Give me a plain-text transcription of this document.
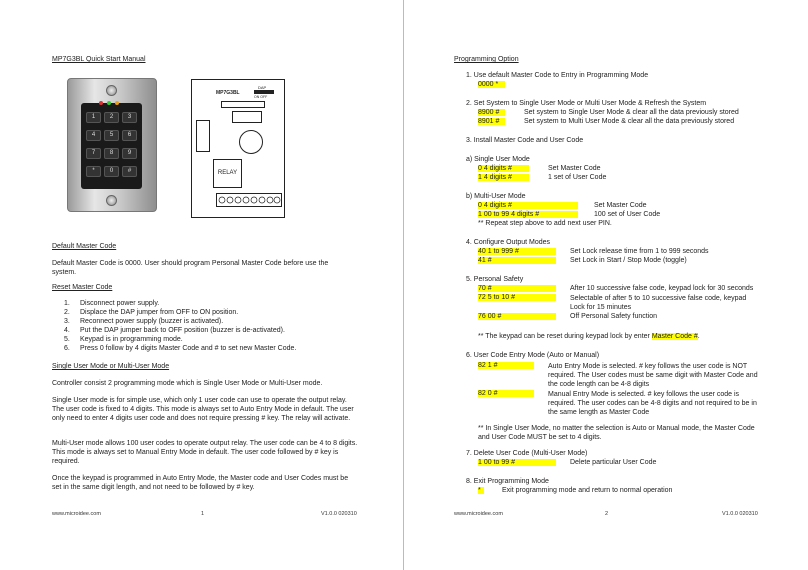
MP7G3BL Quick Start Manual
1	2	3
4	5	6
7	8	9
*	0	#
MP7G3BL
DAP
ON OFF
RELAY
Default Master Code

Default Master Code is 0000. User should program Personal Master Code before use the system.

Reset Master Code
1. Disconnect power supply.
2. Displace the DAP jumper from OFF to ON position.
3. Reconnect power supply (buzzer is activated).
4. Put the DAP jumper back to OFF position (buzzer is de-activated).
5. Keypad is in programming mode.
6. Press 0 follow by 4 digits Master Code and # to set new Master Code.
Single User Mode or Multi-User Mode

Controller consist 2 programming mode which is Single User Mode or Multi-User mode.

Single User mode is for simple use, which only 1 user code can use to operate the output relay. The user code is fixed to 4 digits. This mode is always set to Auto Entry Mode in default. The user only need to enter 4 digits user code and does not require pressing # key. The relay will activate.

Multi-User mode allows 100 user codes to operate output relay. The user code can be 4 to 8 digits. This mode is always set to Manual Entry Mode in default. The user code followed by # key is required.

Once the keypad is programmed in Auto Entry Mode, the Master code and User Codes must be set in the same digit length, and not need to be followed by # key.

www.microidee.com	1	V1.0.0 020310
Programming Option
1. Use default Master Code to Entry in Programming Mode
0000 *
2. Set System to Single User Mode or Multi User Mode & Refresh the System
8900 #	Set system to Single User Mode & clear all the data previously stored
8901 #	Set system to Multi User Mode & clear all the data previously stored
3. Install Master Code and User Code
a) Single User Mode
0 4 digits #	Set Master Code
1 4 digits #	1 set of User Code
b) Multi-User Mode
0 4 digits #	Set Master Code
1 00 to 99 4 digits #	100 set of User Code
** Repeat step above to add next user PIN.
4. Configure Output Modes
40 1 to 999 #	Set Lock release time from 1 to 999 seconds
41 #	Set Lock in Start / Stop Mode (toggle)
5. Personal Safety
70 #	After 10 successive false code, keypad lock for 30 seconds
72 5 to 10 #	Selectable of after 5 to 10 successive false code, keypad Lock for 15 minutes

76 00 #	Off Personal Safety function
** The keypad can be reset during keypad lock by enter Master Code #.
6. User Code Entry Mode (Auto or Manual)
82 1 #	Auto Entry Mode is selected. # key follows the user code is NOT required. The User codes must be same digit with Master Code and the code length can be 4-8 digits

82 0 #	Manual Entry Mode is selected. # key follows the user code is required. The user codes can be 4-8 digits and not required to be in the same length as Master Code

** In Single User Mode, no matter the selection is Auto or Manual mode, the Master Code and User Code MUST be set to 4 digits.

7. Delete User Code (Multi-User Mode)
1 00 to 99 #	Delete particular User Code
8. Exit Programming Mode
*	Exit programming mode and return to normal operation
www.microidee.com	2	V1.0.0 020310
